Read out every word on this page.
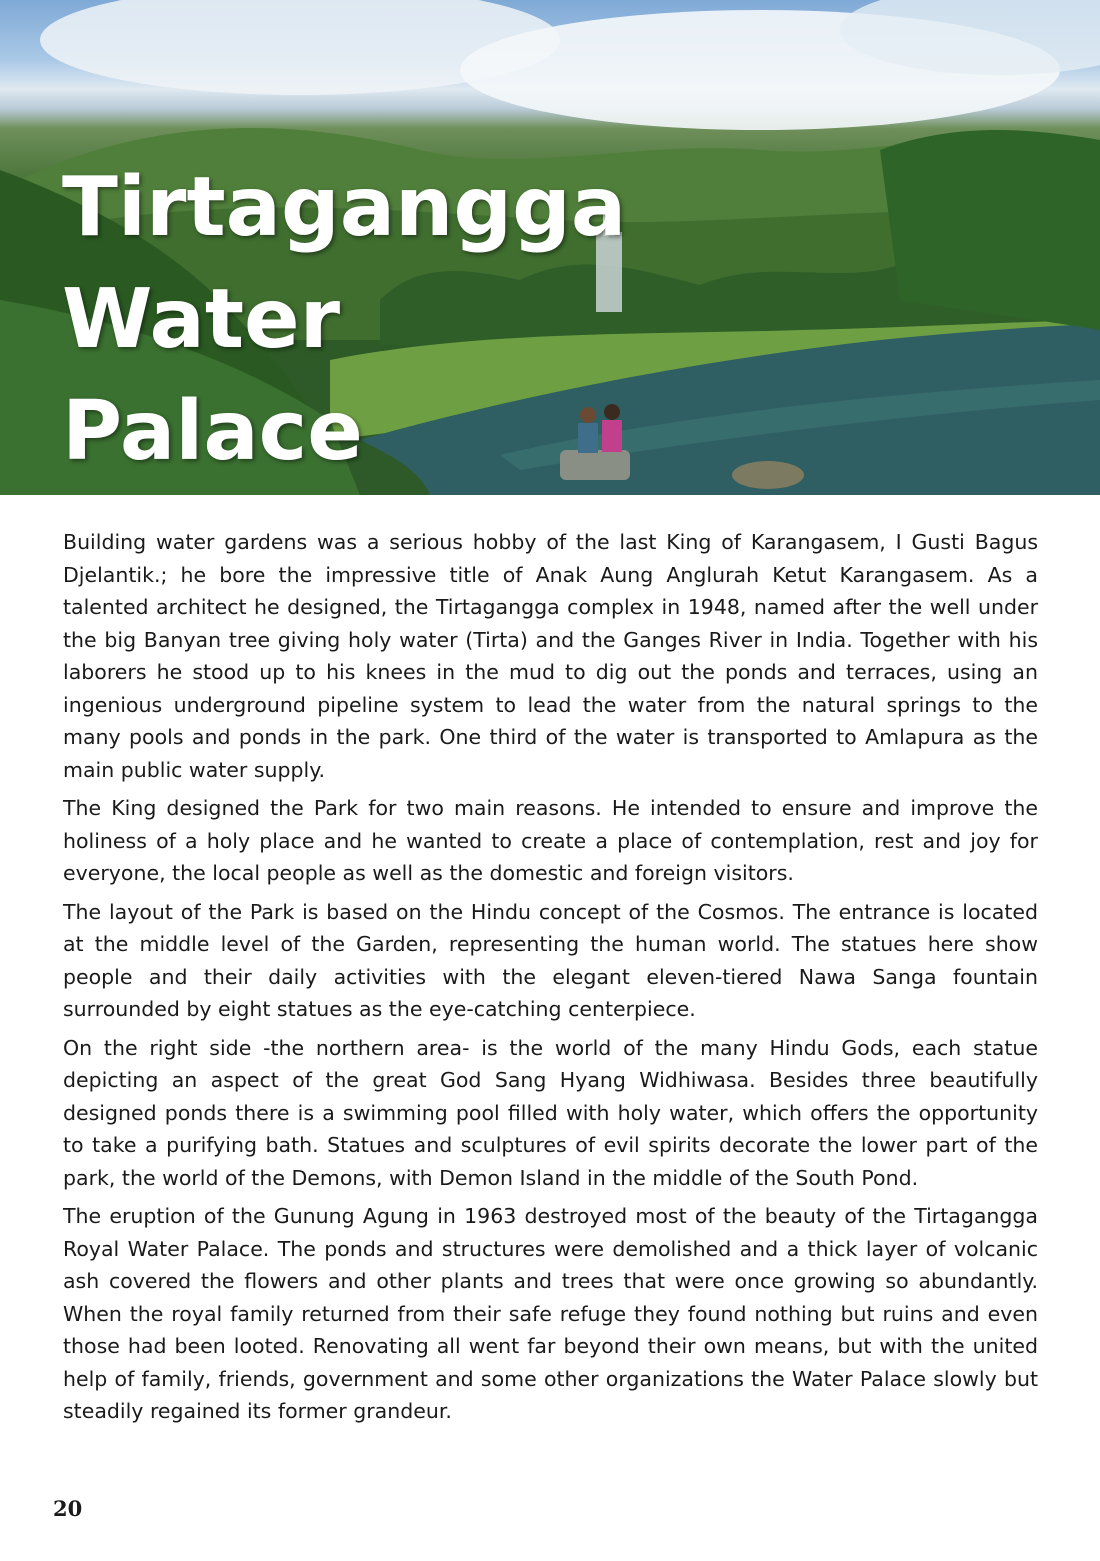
Tirtagangga
Water
Palace

Building water gardens was a serious hobby of the last King of Karangasem, I Gusti Bagus Djelantik.; he bore the impressive title of Anak Aung Anglurah Ketut Karangasem. As a talented architect he designed, the Tirtagangga complex in 1948, named after the well under the big Banyan tree giving holy water (Tirta) and the Ganges River in India. Together with his laborers he stood up to his knees in the mud to dig out the ponds and terraces, using an ingenious underground pipeline system to lead the water from the natural springs to the many pools and ponds in the park. One third of the water is transported to Amlapura as the main public water supply.

The King designed the Park for two main reasons. He intended to ensure and improve the holiness of a holy place and he wanted to create a place of contemplation, rest and joy for everyone, the local people as well as the domestic and foreign visitors.

The layout of the Park is based on the Hindu concept of the Cosmos. The entrance is located at the middle level of the Garden, representing the human world. The statues here show people and their daily activities with the elegant eleven-tiered Nawa Sanga fountain surrounded by eight statues as the eye-catching centerpiece.

On the right side -the northern area- is the world of the many Hindu Gods, each statue depicting an aspect of the great God Sang Hyang Widhiwasa. Besides three beautifully designed ponds there is a swimming pool filled with holy water, which offers the opportunity to take a purifying bath. Statues and sculptures of evil spirits decorate the lower part of the park, the world of the Demons, with Demon Island in the middle of the South Pond.

The eruption of the Gunung Agung in 1963 destroyed most of the beauty of the Tirtagangga Royal Water Palace. The ponds and structures were demolished and a thick layer of volcanic ash covered the flowers and other plants and trees that were once growing so abundantly. When the royal family returned from their safe refuge they found nothing but ruins and even those had been looted. Renovating all went far beyond their own means, but with the united help of family, friends, government and some other organizations the Water Palace slowly but steadily regained its former grandeur.

20
